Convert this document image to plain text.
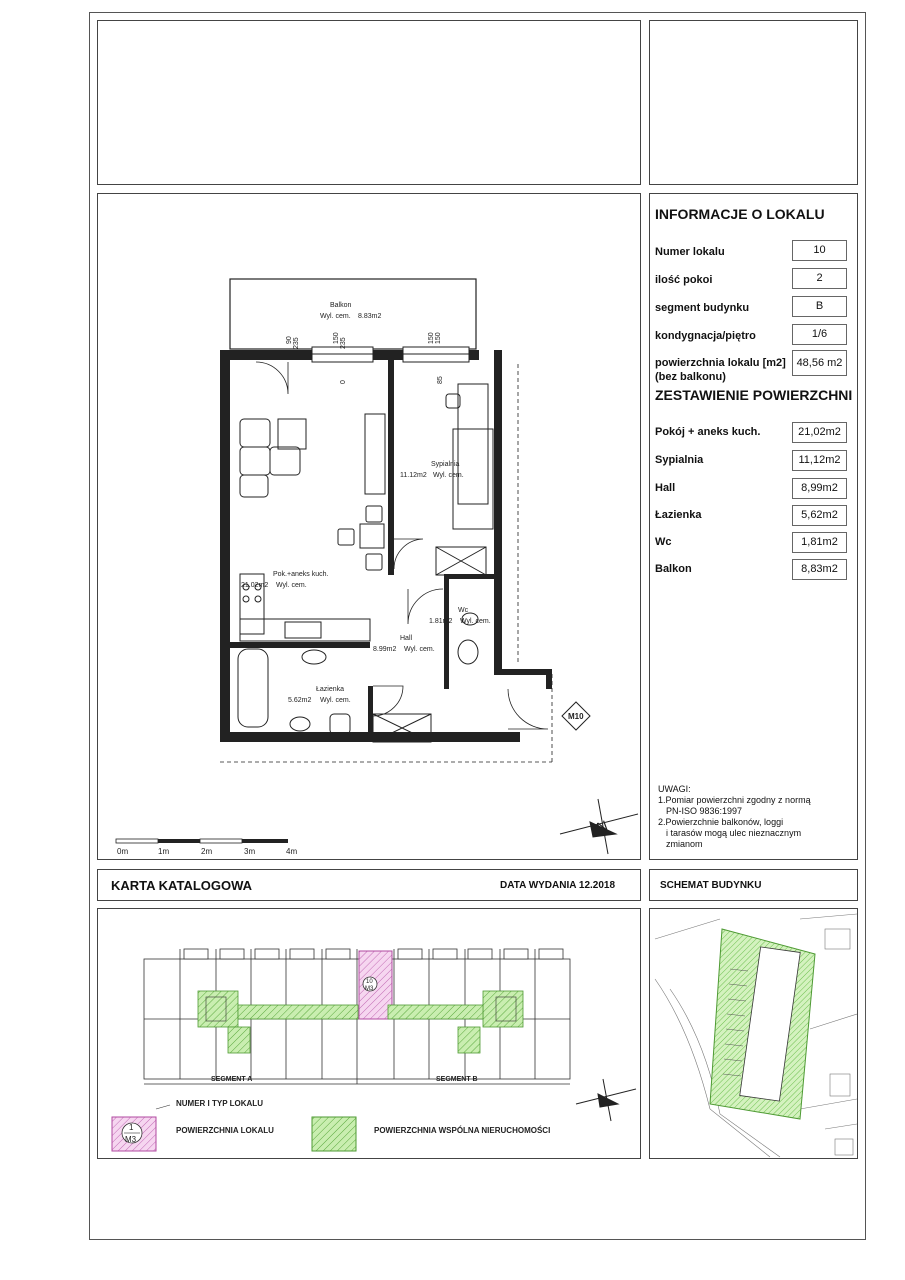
Balkon
Wyl. cem. 8.83m2
90 235	150 235	150 150
0	85
Sypialnia
11.12m2 Wyl. cem.
Pok.+aneks kuch.
21.02m2 Wyl. cem.
Wc
1.81m2 Wyl. cem.
Hall
8.99m2 Wyl. cem.
Łazienka
5.62m2 Wyl. cem.
M10
N
0m	1m	2m	3m	4m
INFORMACJE O LOKALU
Numer lokalu	10
ilość pokoi	2
segment budynku	B
kondygnacja/piętro	1/6
powierzchnia lokalu [m2]
(bez balkonu)
48,56 m2
ZESTAWIENIE POWIERZCHNI
Pokój + aneks kuch.	21,02m2
Sypialnia	11,12m2
Hall	8,99m2
Łazienka	5,62m2
Wc	1,81m2
Balkon	8,83m2
UWAGI:
1.Pomiar powierzchni zgodny z normą
PN-ISO 9836:1997
2.Powierzchnie balkonów, loggi
i tarasów mogą ulec nieznacznym
zmianom
KARTA KATALOGOWA	DATA WYDANIA 12.2018	SCHEMAT BUDYNKU
10
M3
SEGMENT A	SEGMENT B
1
M3
NUMER I TYP LOKALU
POWIERZCHNIA LOKALU	POWIERZCHNIA WSPÓLNA NIERUCHOMOŚCI
